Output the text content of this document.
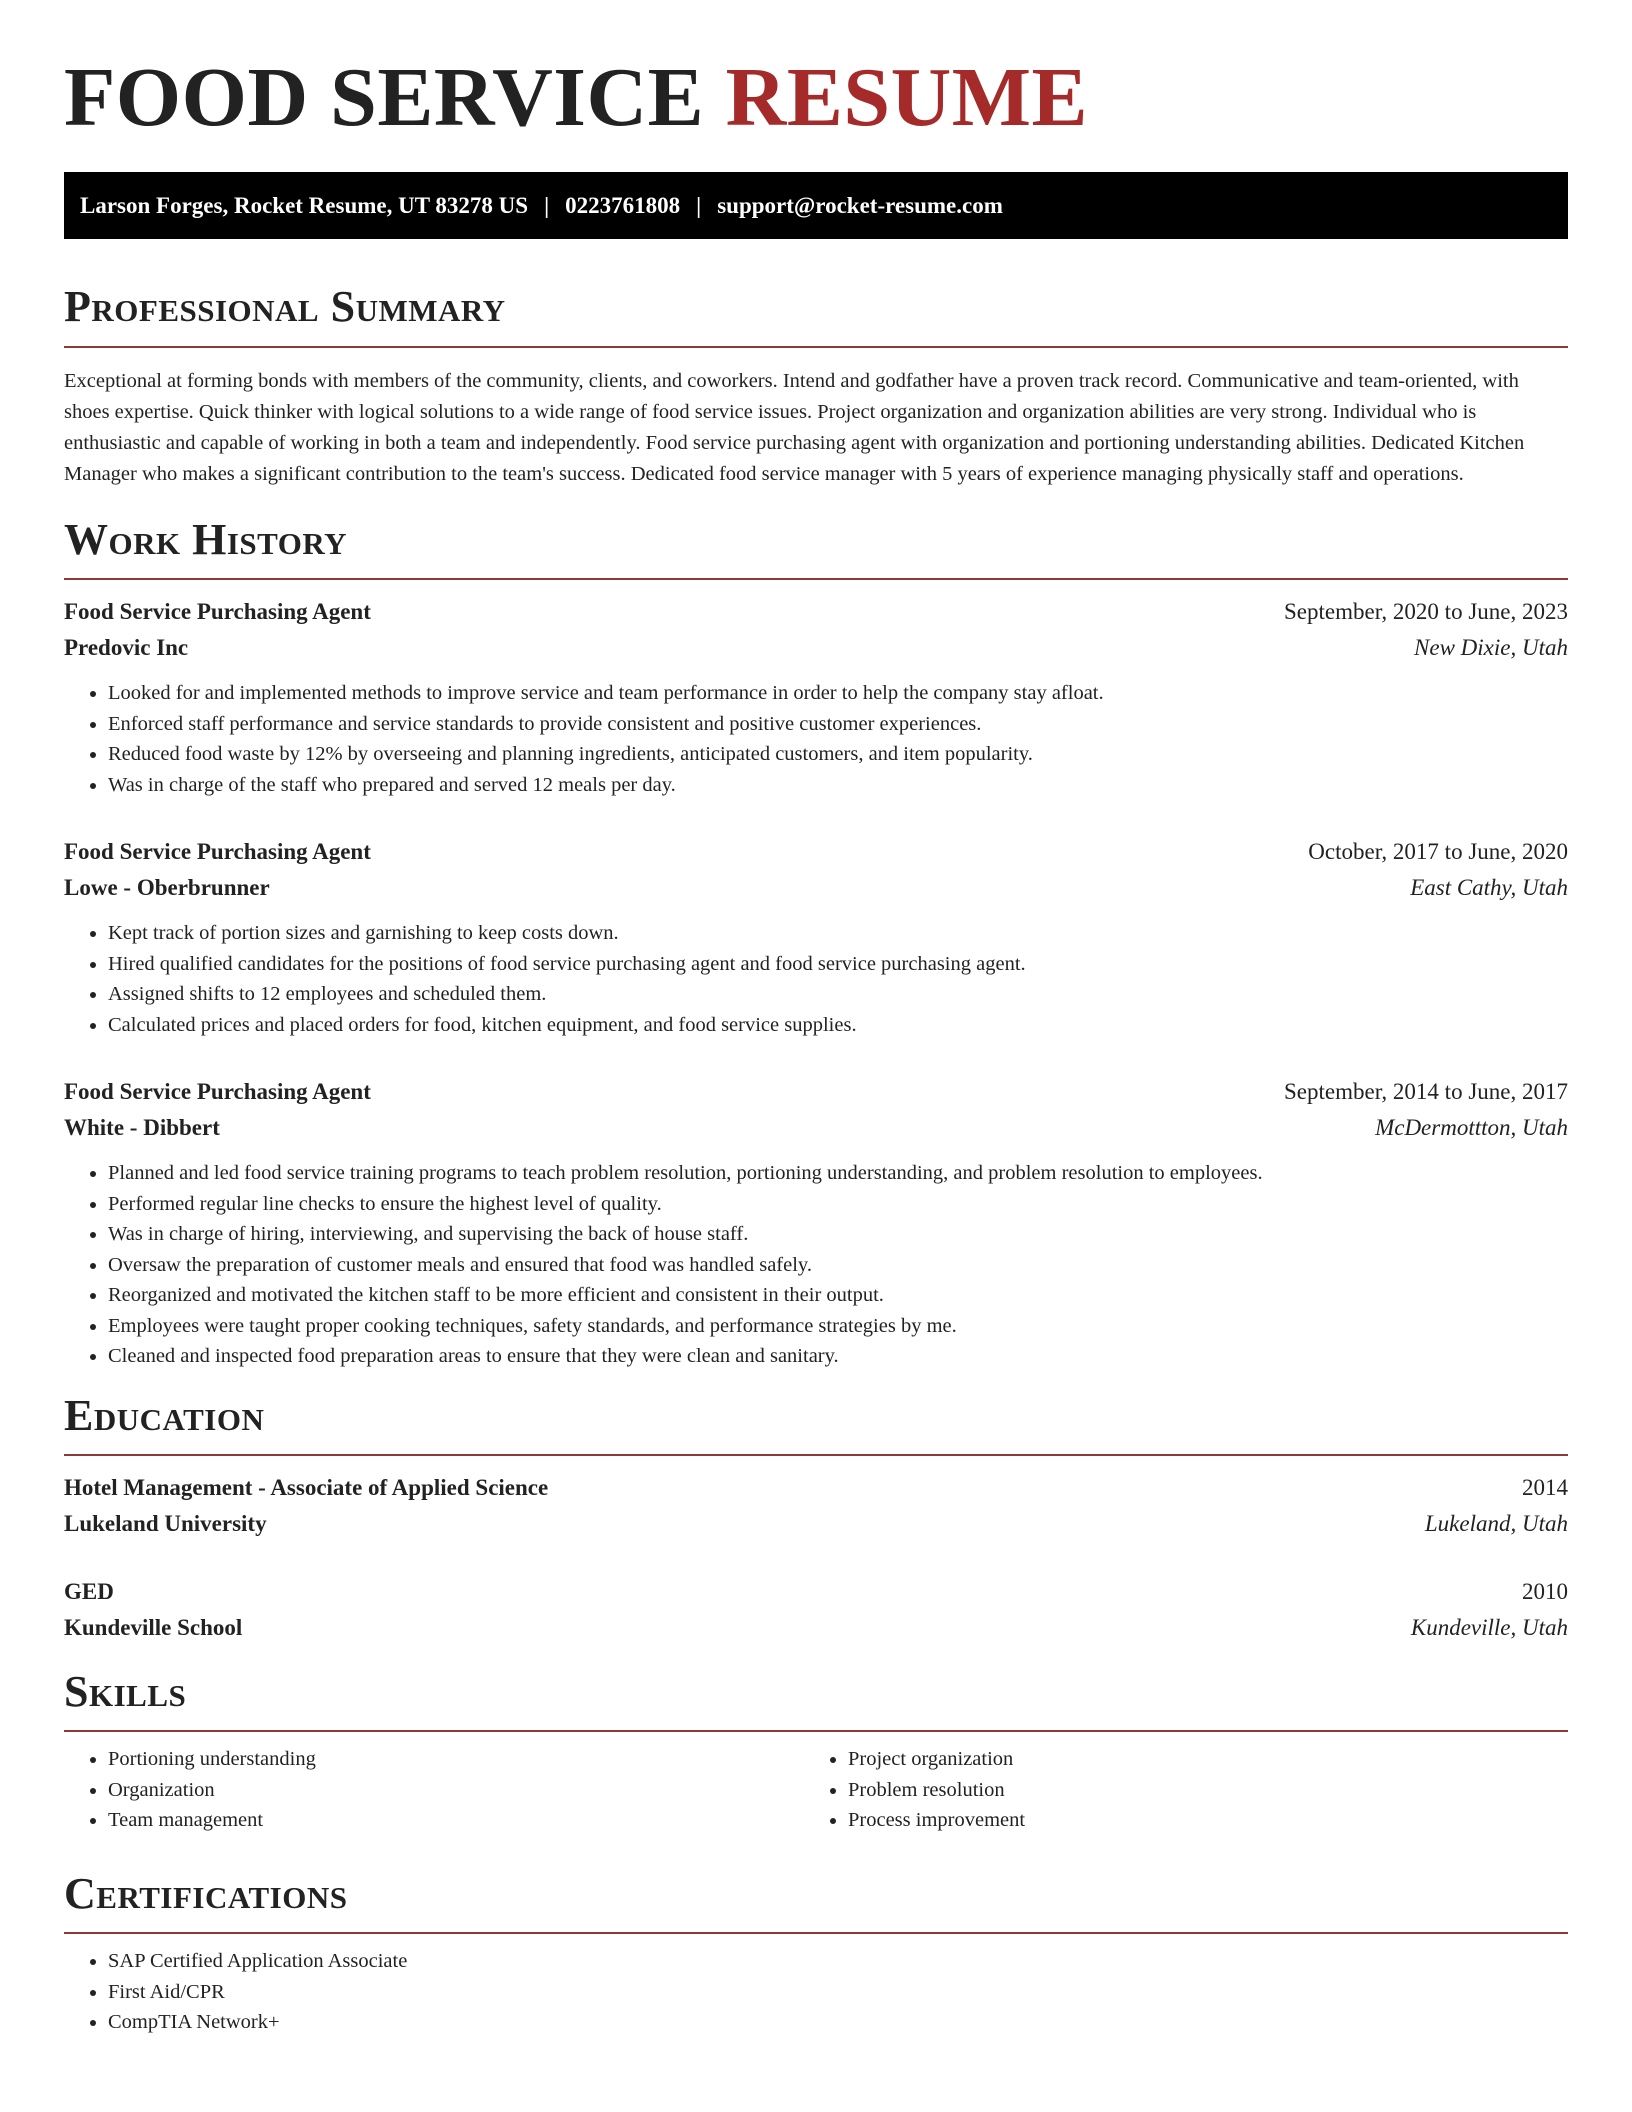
FOOD SERVICE RESUME
Larson Forges, Rocket Resume, UT 83278 US | 0223761808 | support@rocket-resume.com
Professional Summary

Exceptional at forming bonds with members of the community, clients, and coworkers. Intend and godfather have a proven track record. Communicative and team-oriented, with shoes expertise. Quick thinker with logical solutions to a wide range of food service issues. Project organization and organization abilities are very strong. Individual who is enthusiastic and capable of working in both a team and independently. Food service purchasing agent with organization and portioning understanding abilities. Dedicated Kitchen Manager who makes a significant contribution to the team's success. Dedicated food service manager with 5 years of experience managing physically staff and operations.

Work History
Food Service Purchasing Agent	September, 2020 to June, 2023
Predovic Inc	New Dixie, Utah
• Looked for and implemented methods to improve service and team performance in order to help the company stay afloat.
• Enforced staff performance and service standards to provide consistent and positive customer experiences.
• Reduced food waste by 12% by overseeing and planning ingredients, anticipated customers, and item popularity.
• Was in charge of the staff who prepared and served 12 meals per day.
Food Service Purchasing Agent	October, 2017 to June, 2020
Lowe - Oberbrunner	East Cathy, Utah
• Kept track of portion sizes and garnishing to keep costs down.
• Hired qualified candidates for the positions of food service purchasing agent and food service purchasing agent.
• Assigned shifts to 12 employees and scheduled them.
• Calculated prices and placed orders for food, kitchen equipment, and food service supplies.
Food Service Purchasing Agent	September, 2014 to June, 2017
White - Dibbert	McDermottton, Utah
• Planned and led food service training programs to teach problem resolution, portioning understanding, and problem resolution to employees.
• Performed regular line checks to ensure the highest level of quality.
• Was in charge of hiring, interviewing, and supervising the back of house staff.
• Oversaw the preparation of customer meals and ensured that food was handled safely.
• Reorganized and motivated the kitchen staff to be more efficient and consistent in their output.
• Employees were taught proper cooking techniques, safety standards, and performance strategies by me.
• Cleaned and inspected food preparation areas to ensure that they were clean and sanitary.
Education
Hotel Management - Associate of Applied Science	2014
Lukeland University	Lukeland, Utah
GED	2010
Kundeville School	Kundeville, Utah
Skills
• Portioning understanding
• Organization
• Team management
• Project organization
• Problem resolution
• Process improvement
Certifications
• SAP Certified Application Associate
• First Aid/CPR
• CompTIA Network+
